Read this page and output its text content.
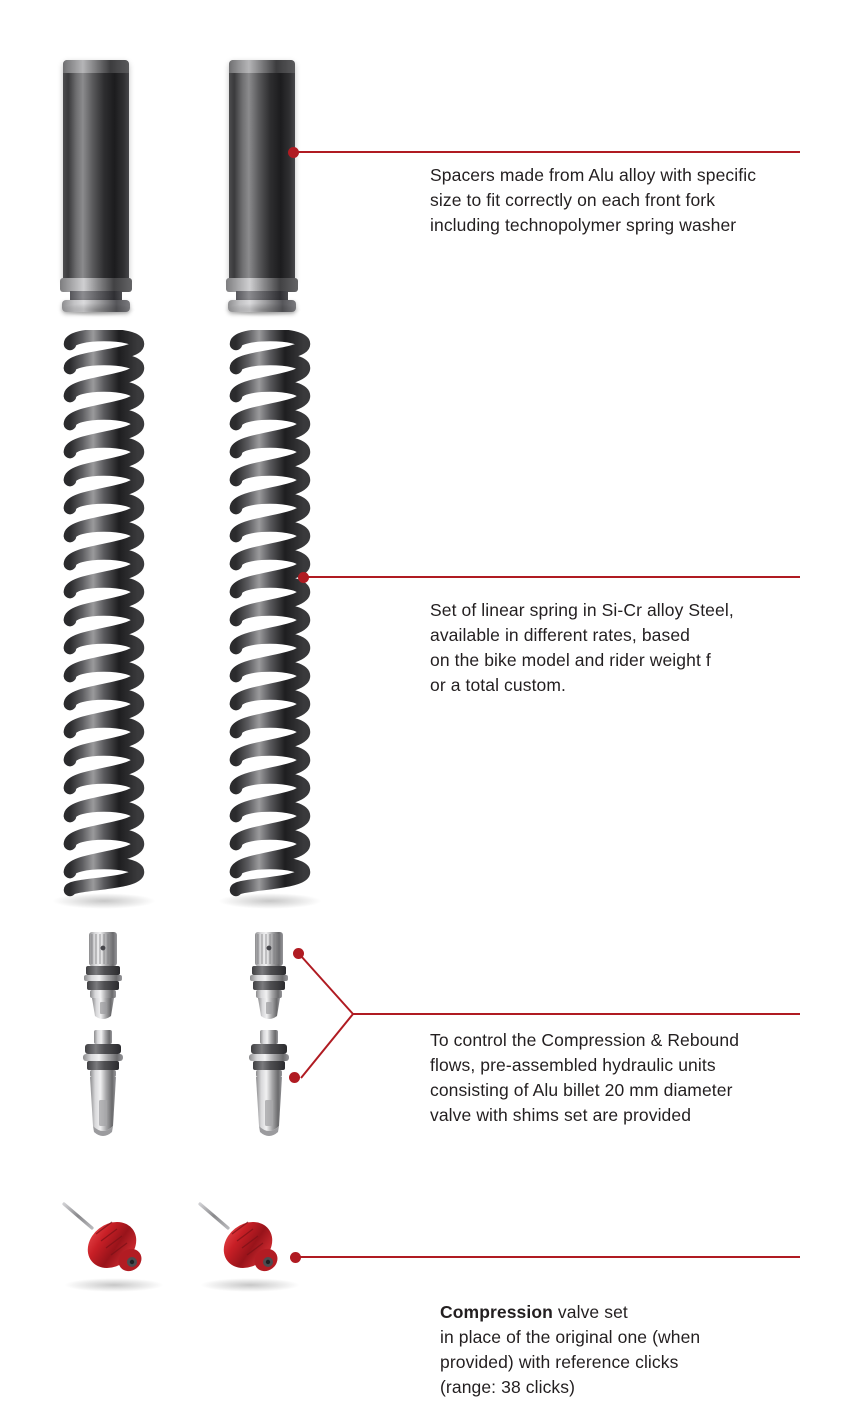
Spacers made from Alu alloy with specific
size to fit correctly on each front fork
including technopolymer spring washer
Set of linear spring in Si-Cr alloy Steel,
available in different rates, based
on the bike model and rider weight f
or a total custom.
To control the Compression & Rebound
flows, pre-assembled hydraulic units
consisting of Alu billet 20 mm diameter
valve with shims set are provided
Compression valve set
in place of the original one (when
provided) with reference clicks
(range: 38 clicks)
